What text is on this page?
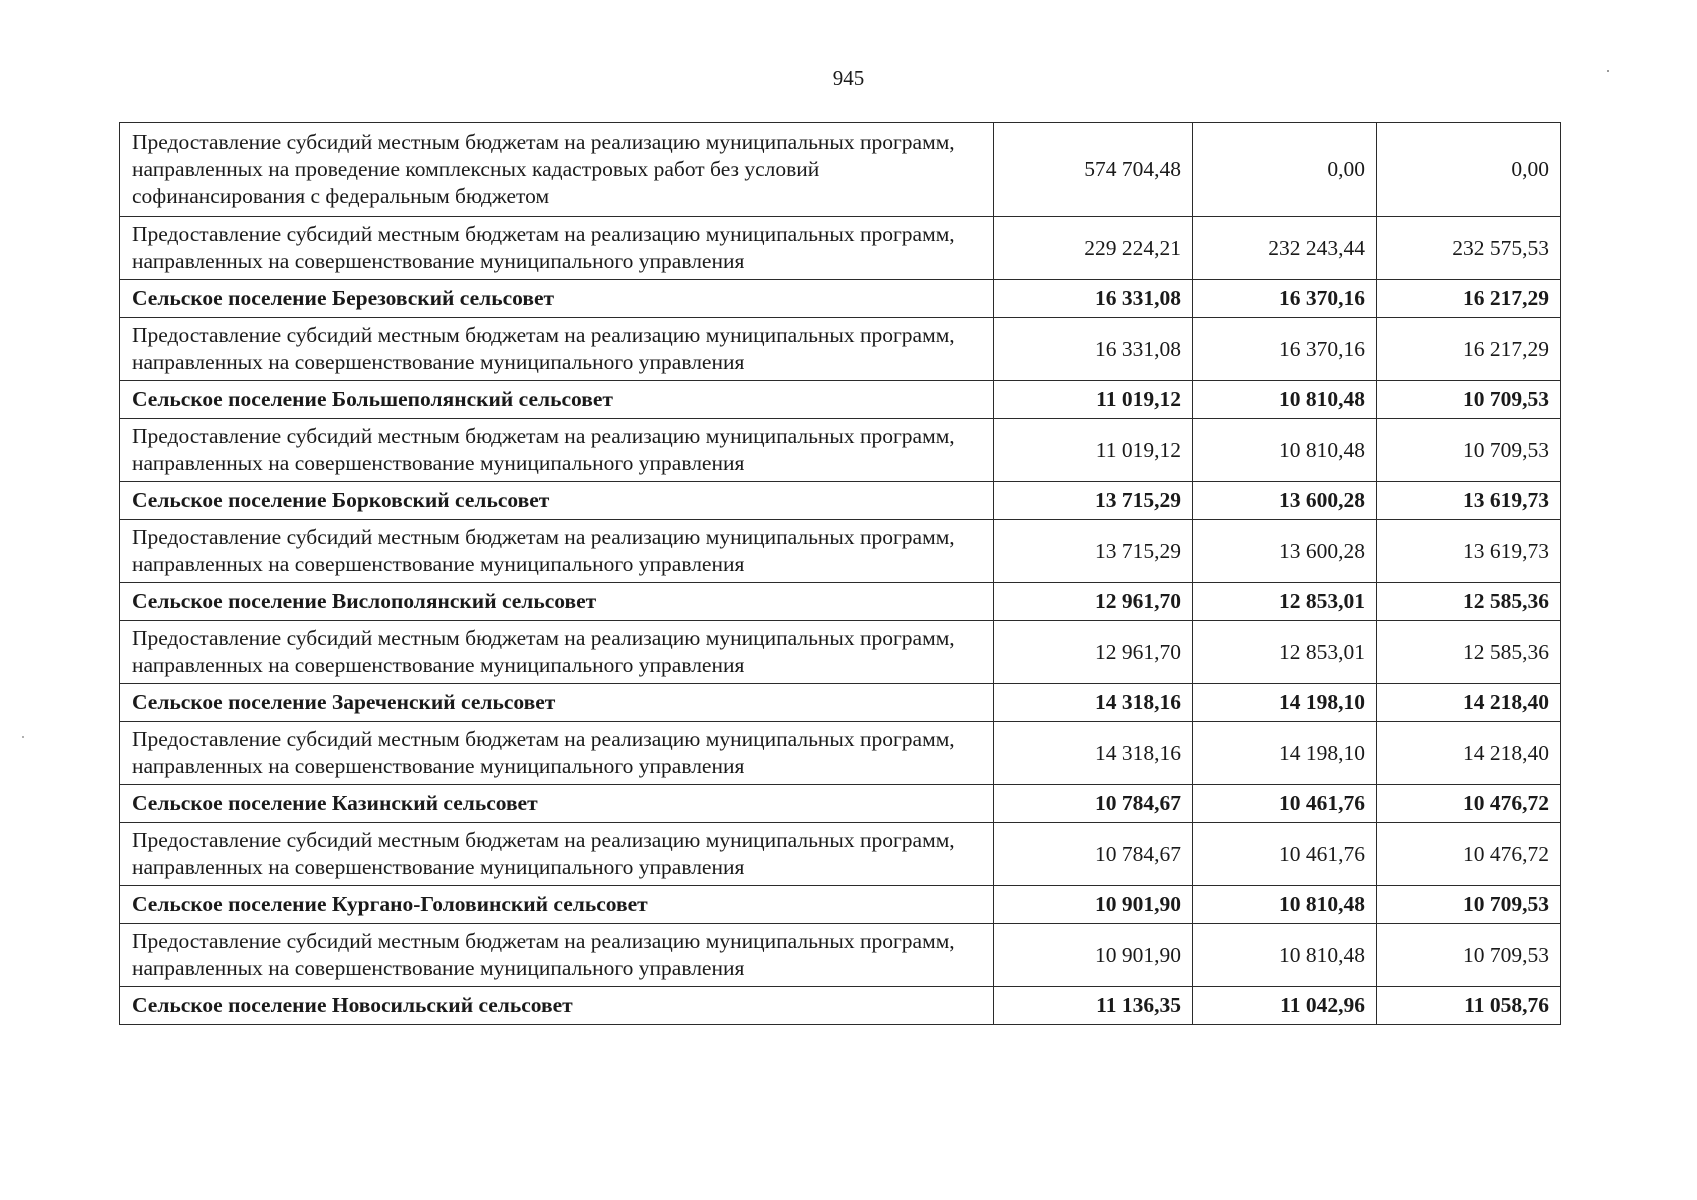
945
Предоставление субсидий местным бюджетам на реализацию муниципальных программ, направленных на проведение комплексных кадастровых работ без условий софинансирования с федеральным бюджетом	574 704,48	0,00	0,00
Предоставление субсидий местным бюджетам на реализацию муниципальных программ, направленных на совершенствование муниципального управления	229 224,21	232 243,44	232 575,53
Сельское поселение Березовский сельсовет	16 331,08	16 370,16	16 217,29
Предоставление субсидий местным бюджетам на реализацию муниципальных программ, направленных на совершенствование муниципального управления	16 331,08	16 370,16	16 217,29
Сельское поселение Большеполянский сельсовет	11 019,12	10 810,48	10 709,53
Предоставление субсидий местным бюджетам на реализацию муниципальных программ, направленных на совершенствование муниципального управления	11 019,12	10 810,48	10 709,53
Сельское поселение Борковский сельсовет	13 715,29	13 600,28	13 619,73
Предоставление субсидий местным бюджетам на реализацию муниципальных программ, направленных на совершенствование муниципального управления	13 715,29	13 600,28	13 619,73
Сельское поселение Вислополянский сельсовет	12 961,70	12 853,01	12 585,36
Предоставление субсидий местным бюджетам на реализацию муниципальных программ, направленных на совершенствование муниципального управления	12 961,70	12 853,01	12 585,36
Сельское поселение Зареченский сельсовет	14 318,16	14 198,10	14 218,40
Предоставление субсидий местным бюджетам на реализацию муниципальных программ, направленных на совершенствование муниципального управления	14 318,16	14 198,10	14 218,40
Сельское поселение Казинский сельсовет	10 784,67	10 461,76	10 476,72
Предоставление субсидий местным бюджетам на реализацию муниципальных программ, направленных на совершенствование муниципального управления	10 784,67	10 461,76	10 476,72
Сельское поселение Кургано-Головинский сельсовет	10 901,90	10 810,48	10 709,53
Предоставление субсидий местным бюджетам на реализацию муниципальных программ, направленных на совершенствование муниципального управления	10 901,90	10 810,48	10 709,53
Сельское поселение Новосильский сельсовет	11 136,35	11 042,96	11 058,76
